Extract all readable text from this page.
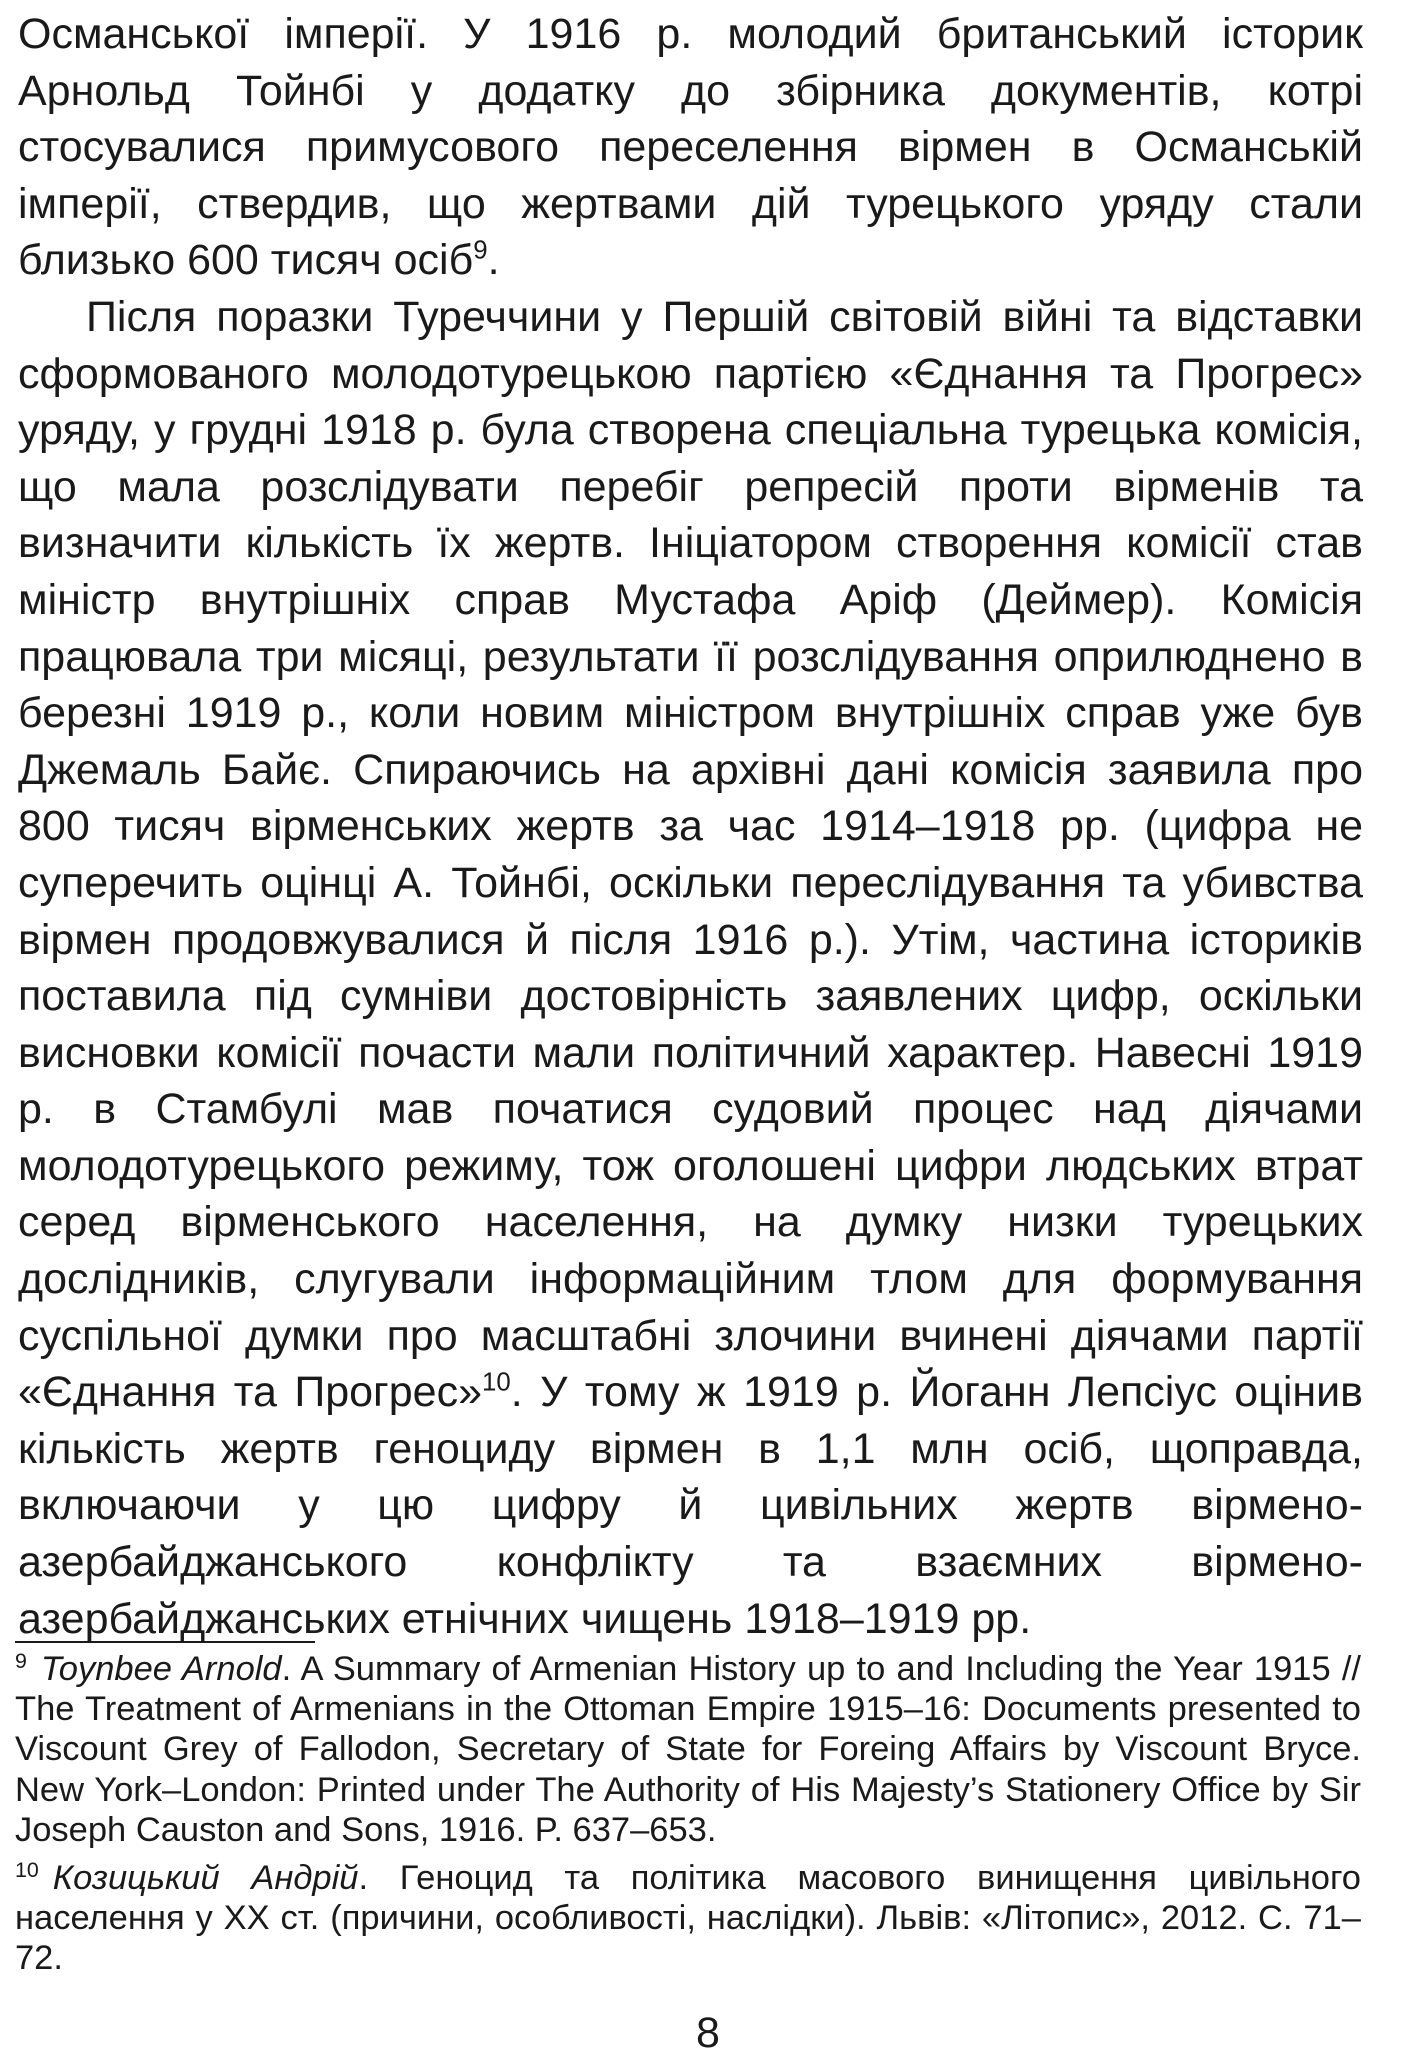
Османської імперії. У 1916 р. молодий британський історик Арнольд Тойнбі у додатку до збірника документів, котрі стосувалися примусового переселення вірмен в Османській імперії, ствердив, що жертвами дій турецького уряду стали близько 600 тисяч осіб$^9$.

Після поразки Туреччини у Першій світовій війні та відставки сформованого молодотурецькою партією «Єднання та Прогрес» уряду, у грудні 1918 р. була створена спеціальна турецька комісія, що мала розслідувати перебіг репресій проти вірменів та визначити кількість їх жертв. Ініціатором створення комісії став міністр внутрішніх справ Мустафа Аріф (Деймер). Комісія працювала три місяці, результати її розслідування оприлюднено в березні 1919 р., коли новим міністром внутрішніх справ уже був Джемаль Байє. Спираючись на архівні дані комісія заявила про 800 тисяч вірменських жертв за час 1914–1918 рр. (цифра не суперечить оцінці А. Тойнбі, оскільки переслідування та убивства вірмен продовжувалися й після 1916 р.). Утім, частина істориків поставила під сумніви достовірність заявлених цифр, оскільки висновки комісії почасти мали політичний характер. Навесні 1919 р. в Стамбулі мав початися судовий процес над діячами молодотурецького режиму, тож оголошені цифри людських втрат серед вірменського населення, на думку низки турецьких дослідників, слугували інформаційним тлом для формування суспільної думки про масштабні злочини вчинені діячами партії «Єднання та Прогрес»$^{10}$. У тому ж 1919 р. Йоганн Лепсіус оцінив кількість жертв геноциду вірмен в 1,1 млн осіб, щоправда, включаючи у цю цифру й цивільних жертв вірмено-азербайджанського конфлікту та взаємних вірмено-азербайджанських етнічних чищень 1918–1919 рр.

$^9$ Toynbee Arnold. A Summary of Armenian History up to and Including the Year 1915 // The Treatment of Armenians in the Ottoman Empire 1915–16: Documents presented to Viscount Grey of Fallodon, Secretary of State for Foreing Affairs by Viscount Bryce. New York–London: Printed under The Authority of His Majesty’s Stationery Office by Sir Joseph Causton and Sons, 1916. P. 637–653.

$^{10}$ Козицький Андрій. Геноцид та політика масового винищення цивільного населення у ХХ ст. (причини, особливості, наслідки). Львів: «Літопис», 2012. С. 71–72.

8
